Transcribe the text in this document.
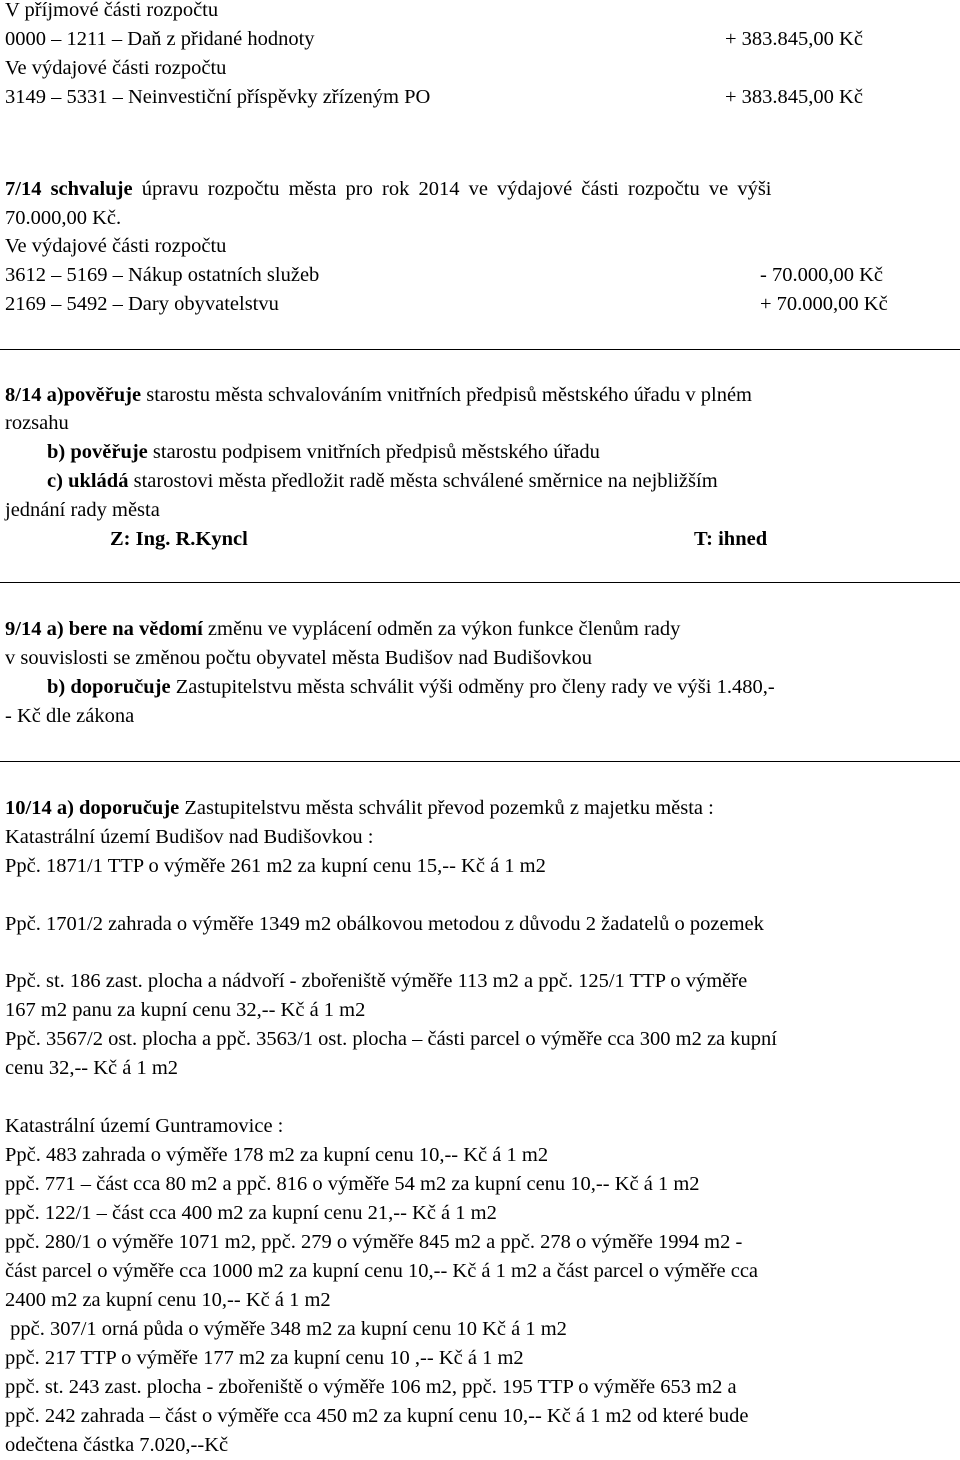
V příjmové části rozpočtu
0000 – 1211 – Daň z přidané hodnoty	+ 383.845,00 Kč
Ve výdajové části rozpočtu
3149 – 5331 – Neinvestiční příspěvky zřízeným PO	+ 383.845,00 Kč
7/14 schvaluje úpravu rozpočtu města pro rok 2014 ve výdajové části rozpočtu ve výši
70.000,00 Kč.
Ve výdajové části rozpočtu
3612 – 5169 – Nákup ostatních služeb	- 70.000,00 Kč
2169 – 5492 – Dary obyvatelstvu	+ 70.000,00 Kč
8/14 a)pověřuje starostu města schvalováním vnitřních předpisů městského úřadu v plném
rozsahu
b) pověřuje starostu podpisem vnitřních předpisů městského úřadu
c) ukládá starostovi města předložit radě města schválené směrnice na nejbližším
jednání rady města
Z: Ing. R.Kyncl	T: ihned
9/14 a) bere na vědomí změnu ve vyplácení odměn za výkon funkce členům rady
v souvislosti se změnou počtu obyvatel města Budišov nad Budišovkou
b) doporučuje Zastupitelstvu města schválit výši odměny pro členy rady ve výši 1.480,-
- Kč dle zákona
10/14 a) doporučuje Zastupitelstvu města schválit převod pozemků z majetku města :
Katastrální území Budišov nad Budišovkou :
Ppč. 1871/1 TTP o výměře 261 m2 za kupní cenu 15,-- Kč á 1 m2
Ppč. 1701/2 zahrada o výměře 1349 m2 obálkovou metodou z důvodu 2 žadatelů o pozemek
Ppč. st. 186 zast. plocha a nádvoří - zbořeniště výměře 113 m2 a ppč. 125/1 TTP o výměře
167 m2 panu za kupní cenu 32,-- Kč á 1 m2
Ppč. 3567/2 ost. plocha a ppč. 3563/1 ost. plocha – části parcel o výměře cca 300 m2 za kupní
cenu 32,-- Kč á 1 m2
Katastrální území Guntramovice :
Ppč. 483 zahrada o výměře 178 m2 za kupní cenu 10,-- Kč á 1 m2
ppč. 771 – část cca 80 m2 a ppč. 816 o výměře 54 m2 za kupní cenu 10,-- Kč á 1 m2
ppč. 122/1 – část cca 400 m2 za kupní cenu 21,-- Kč á 1 m2
ppč. 280/1 o výměře 1071 m2, ppč. 279 o výměře 845 m2 a ppč. 278 o výměře 1994 m2 -
část parcel o výměře cca 1000 m2 za kupní cenu 10,-- Kč á 1 m2 a část parcel o výměře cca
2400 m2 za kupní cenu 10,-- Kč á 1 m2
ppč. 307/1 orná půda o výměře 348 m2 za kupní cenu 10 Kč á 1 m2
ppč. 217 TTP o výměře 177 m2 za kupní cenu 10 ,-- Kč á 1 m2
ppč. st. 243 zast. plocha - zbořeniště o výměře 106 m2, ppč. 195 TTP o výměře 653 m2 a
ppč. 242 zahrada – část o výměře cca 450 m2 za kupní cenu 10,-- Kč á 1 m2 od které bude
odečtena částka 7.020,--Kč
